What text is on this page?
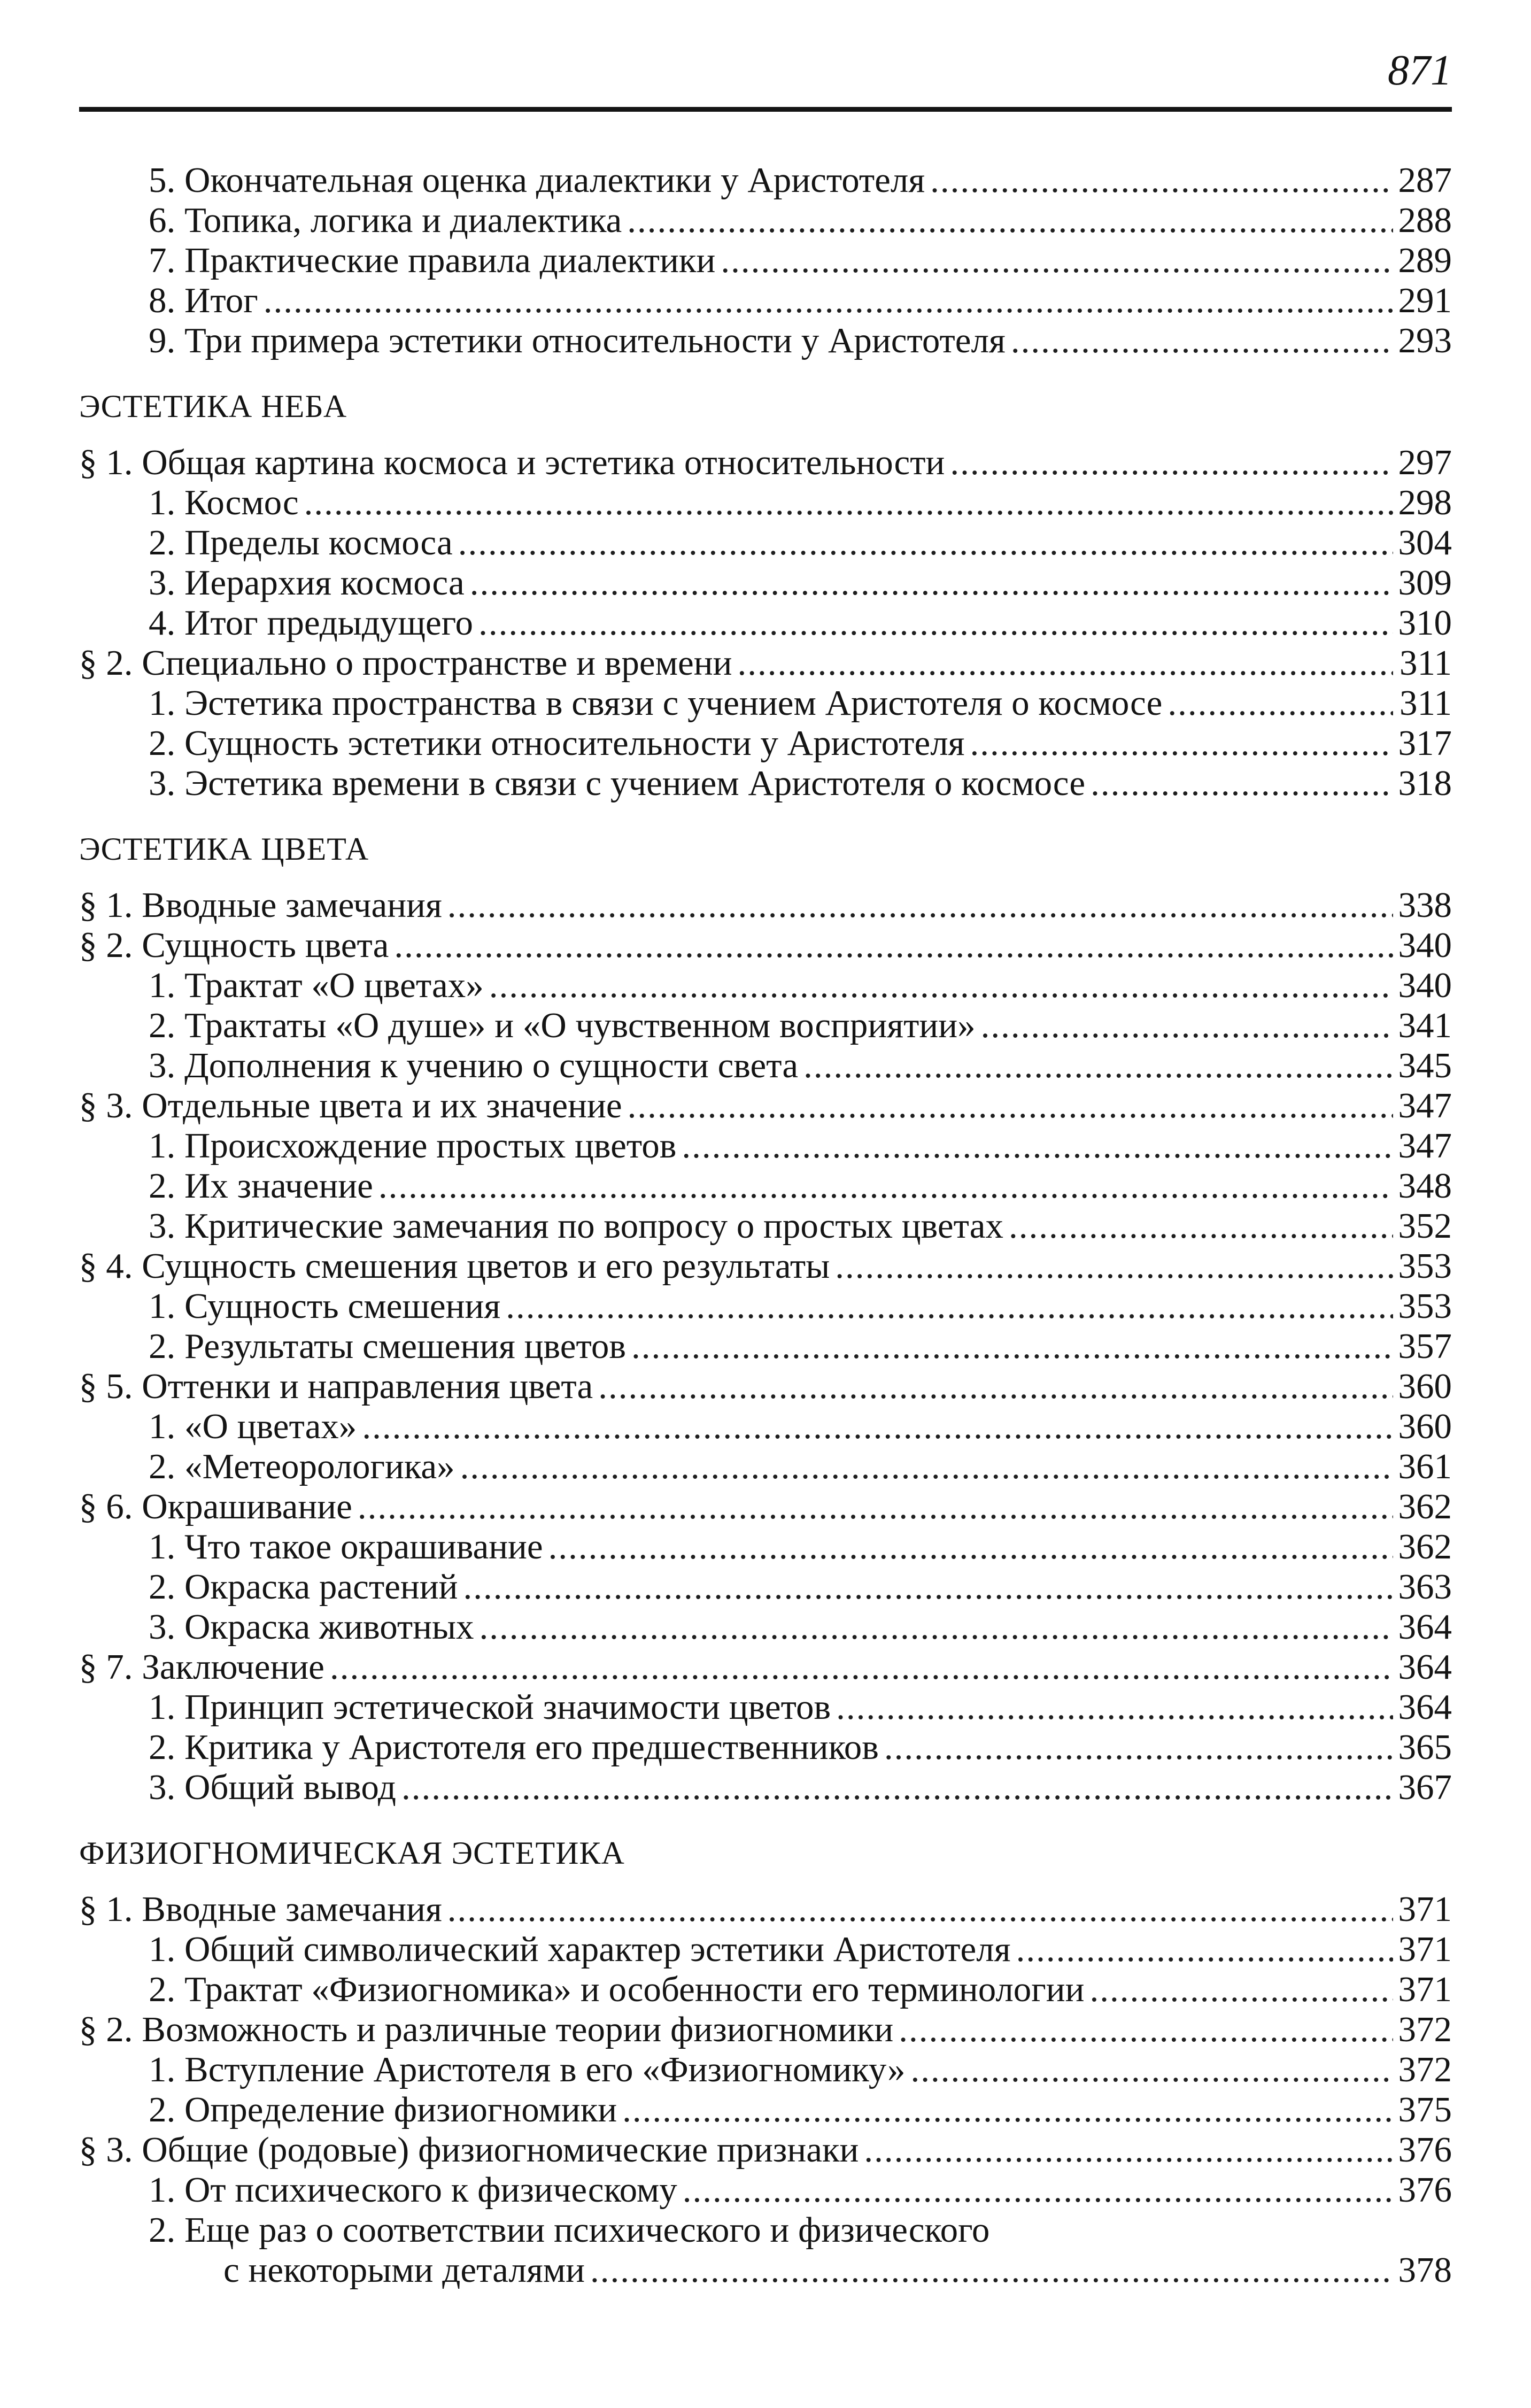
871
5. Окончательная оценка диалектики у Аристотеля .....	287
6. Топика, логика и диалектика .....	288
7. Практические правила диалектики .....	289
8. Итог .....	291
9. Три примера эстетики относительности у Аристотеля .....	293
ЭСТЕТИКА НЕБА
§ 1. Общая картина космоса и эстетика относительности .....	297
1. Космос .....	298
2. Пределы космоса .....	304
3. Иерархия космоса .....	309
4. Итог предыдущего .....	310
§ 2. Специально о пространстве и времени .....	311
1. Эстетика пространства в связи с учением Аристотеля о космосе .....	311
2. Сущность эстетики относительности у Аристотеля .....	317
3. Эстетика времени в связи с учением Аристотеля о космосе .....	318
ЭСТЕТИКА ЦВЕТА
§ 1. Вводные замечания .....	338
§ 2. Сущность цвета .....	340
1. Трактат «О цветах» .....	340
2. Трактаты «О душе» и «О чувственном восприятии» .....	341
3. Дополнения к учению о сущности света .....	345
§ 3. Отдельные цвета и их значение .....	347
1. Происхождение простых цветов .....	347
2. Их значение .....	348
3. Критические замечания по вопросу о простых цветах .....	352
§ 4. Сущность смешения цветов и его результаты .....	353
1. Сущность смешения .....	353
2. Результаты смешения цветов .....	357
§ 5. Оттенки и направления цвета .....	360
1. «О цветах» .....	360
2. «Метеорологика» .....	361
§ 6. Окрашивание .....	362
1. Что такое окрашивание .....	362
2. Окраска растений .....	363
3. Окраска животных .....	364
§ 7. Заключение .....	364
1. Принцип эстетической значимости цветов .....	364
2. Критика у Аристотеля его предшественников .....	365
3. Общий вывод .....	367
ФИЗИОГНОМИЧЕСКАЯ ЭСТЕТИКА
§ 1. Вводные замечания .....	371
1. Общий символический характер эстетики Аристотеля .....	371
2. Трактат «Физиогномика» и особенности его терминологии .....	371
§ 2. Возможность и различные теории физиогномики .....	372
1. Вступление Аристотеля в его «Физиогномику» .....	372
2. Определение физиогномики .....	375
§ 3. Общие (родовые) физиогномические признаки .....	376
1. От психического к физическому .....	376
2. Еще раз о соответствии психического и физического
с некоторыми деталями .....	378
